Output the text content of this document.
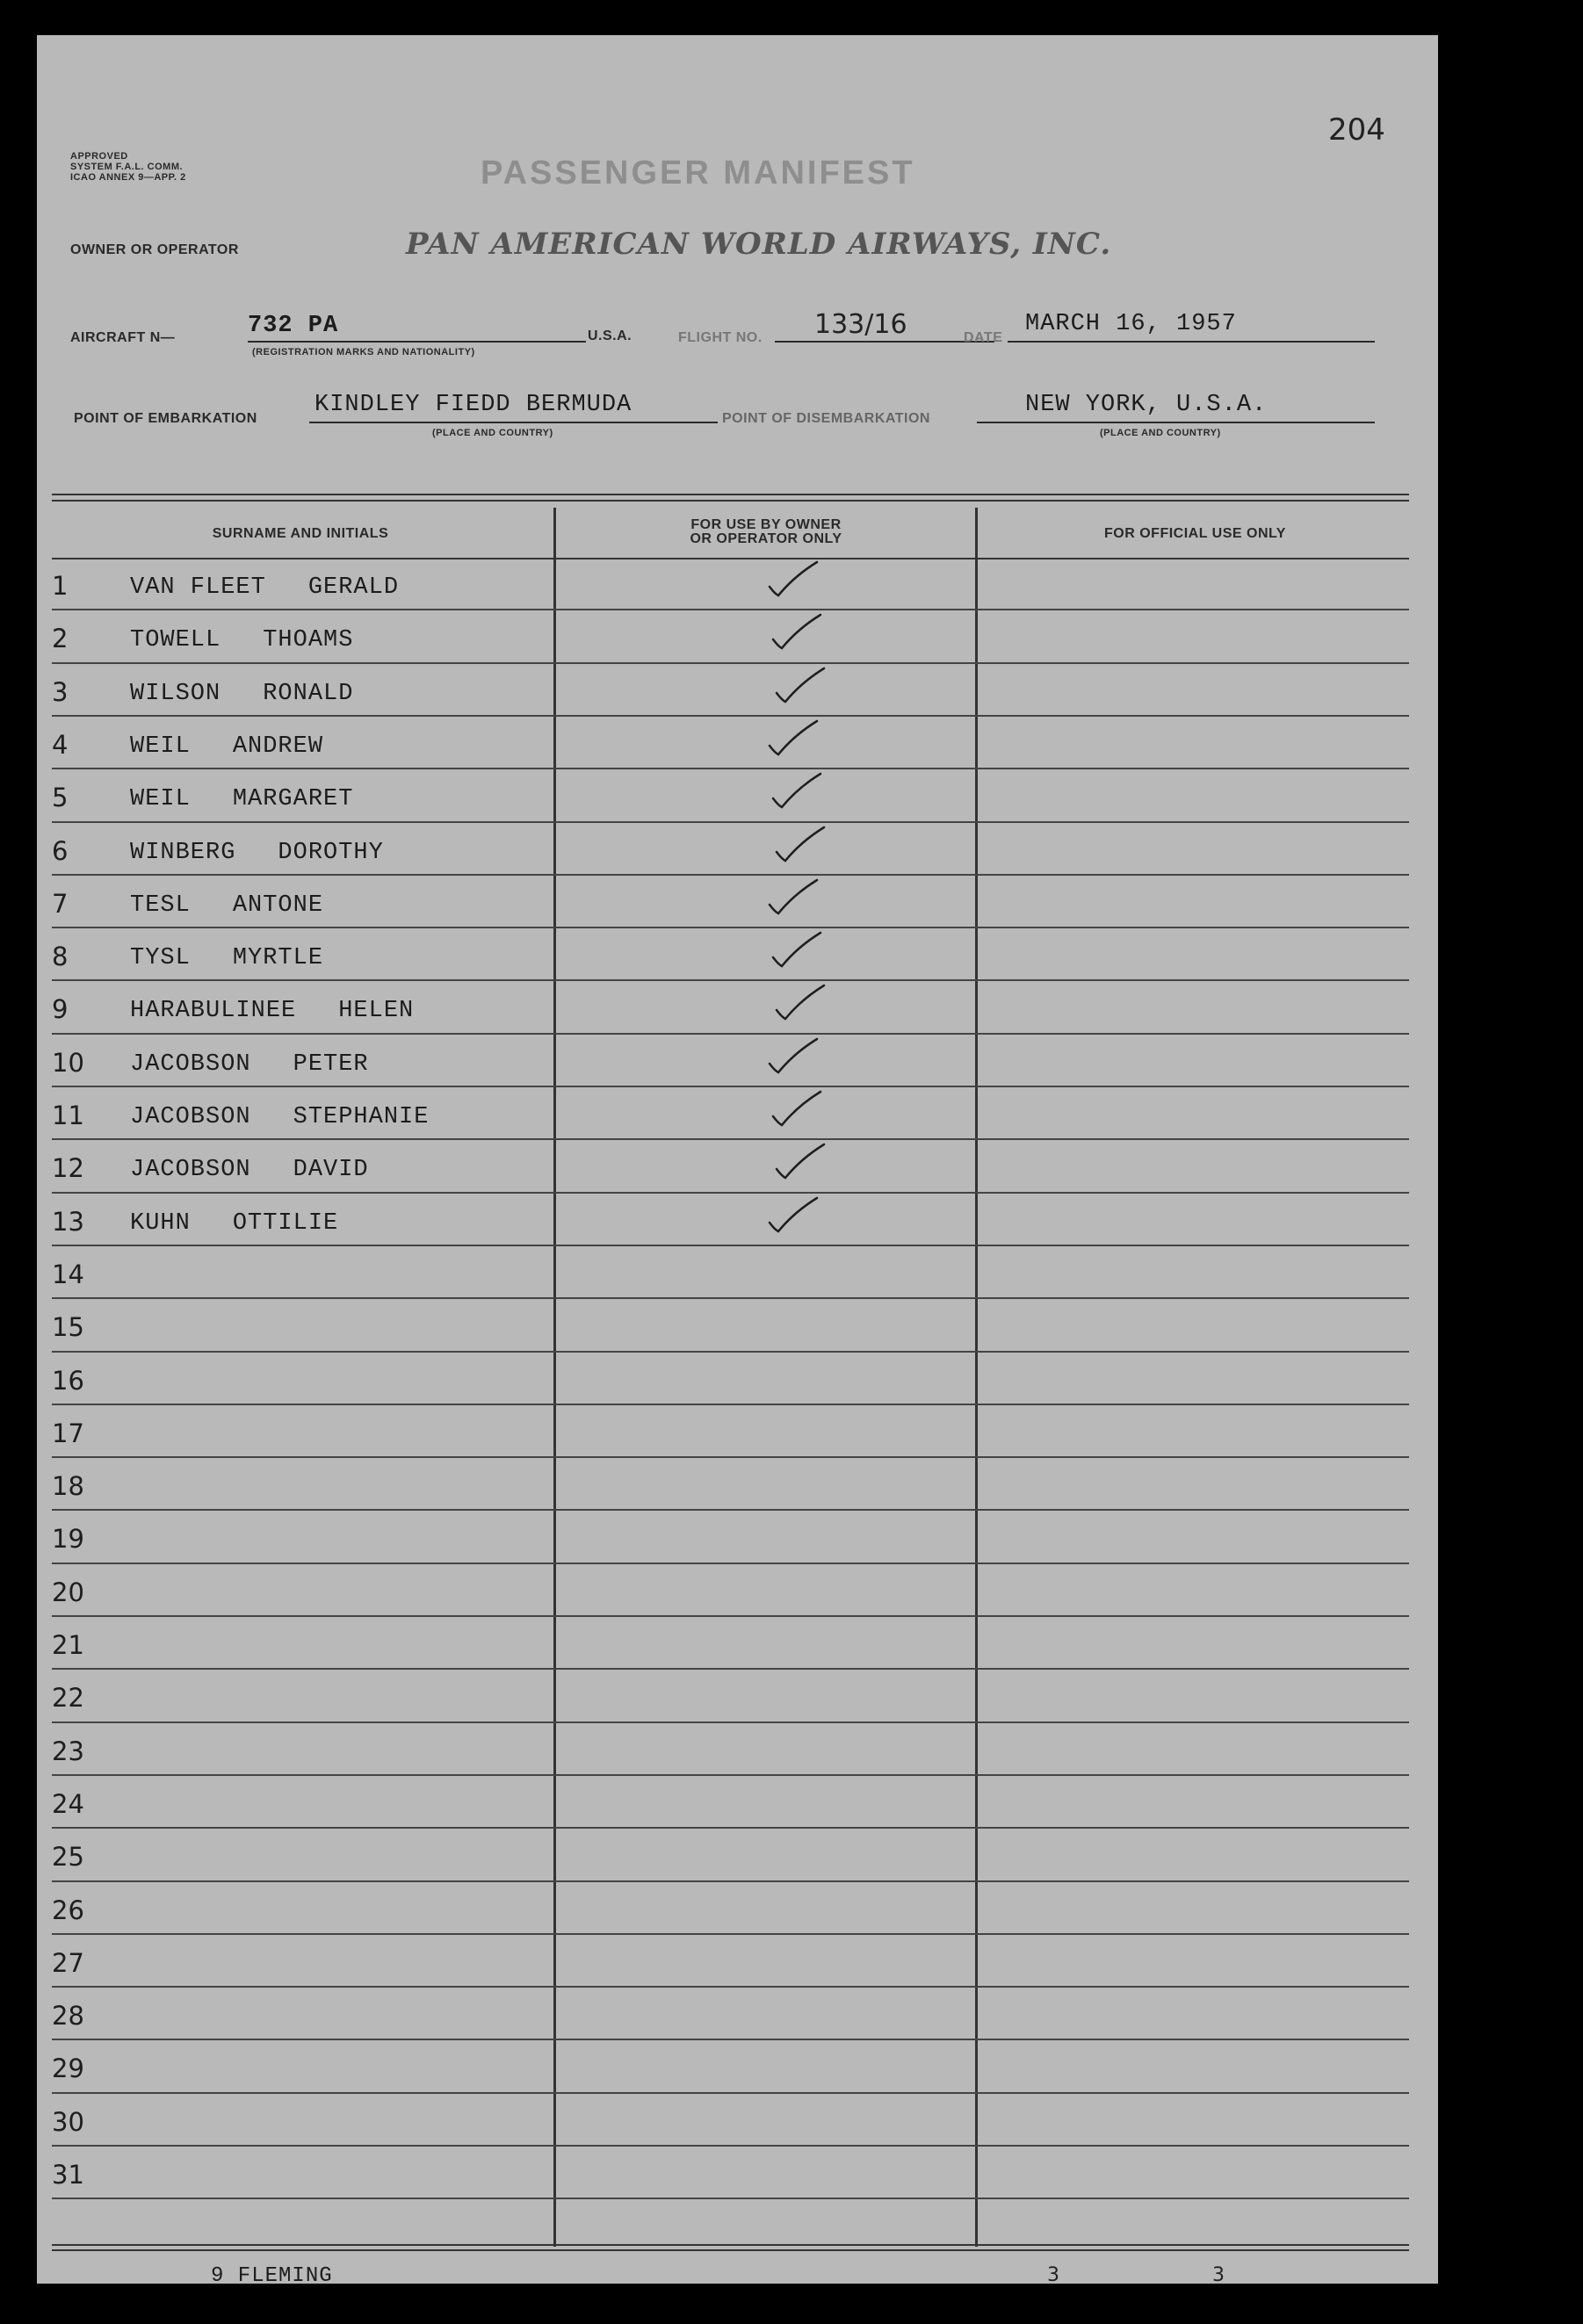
204
APPROVED
SYSTEM F.A.L. COMM.
ICAO ANNEX 9—APP. 2	PASSENGER MANIFEST
OWNER OR OPERATOR	PAN AMERICAN WORLD AIRWAYS, INC.
AIRCRAFT N—	732 PA
(REGISTRATION MARKS AND NATIONALITY)
U.S.A.	FLIGHT NO. 133/16	DATE
MARCH 16, 1957
POINT OF EMBARKATION
KINDLEY FIEDD BERMUDA
(PLACE AND COUNTRY)
POINT OF DISEMBARKATION
NEW YORK, U.S.A.
(PLACE AND COUNTRY)
SURNAME AND INITIALS
FOR USE BY OWNER
OR OPERATOR ONLY	FOR OFFICIAL USE ONLY
1	VAN FLEET GERALD
2	TOWELL THOAMS
3	WILSON RONALD
4	WEIL ANDREW
5	WEIL MARGARET
6	WINBERG DOROTHY
7	TESL ANTONE
8	TYSL MYRTLE
9	HARABULINEE HELEN
10	JACOBSON PETER
11	JACOBSON STEPHANIE
12	JACOBSON DAVID
13	KUHN OTTILIE
14
15
16
17
18
19
20
21
22
23
24
25
26
27
28
29
30
31
9 FLEMING	3	3
